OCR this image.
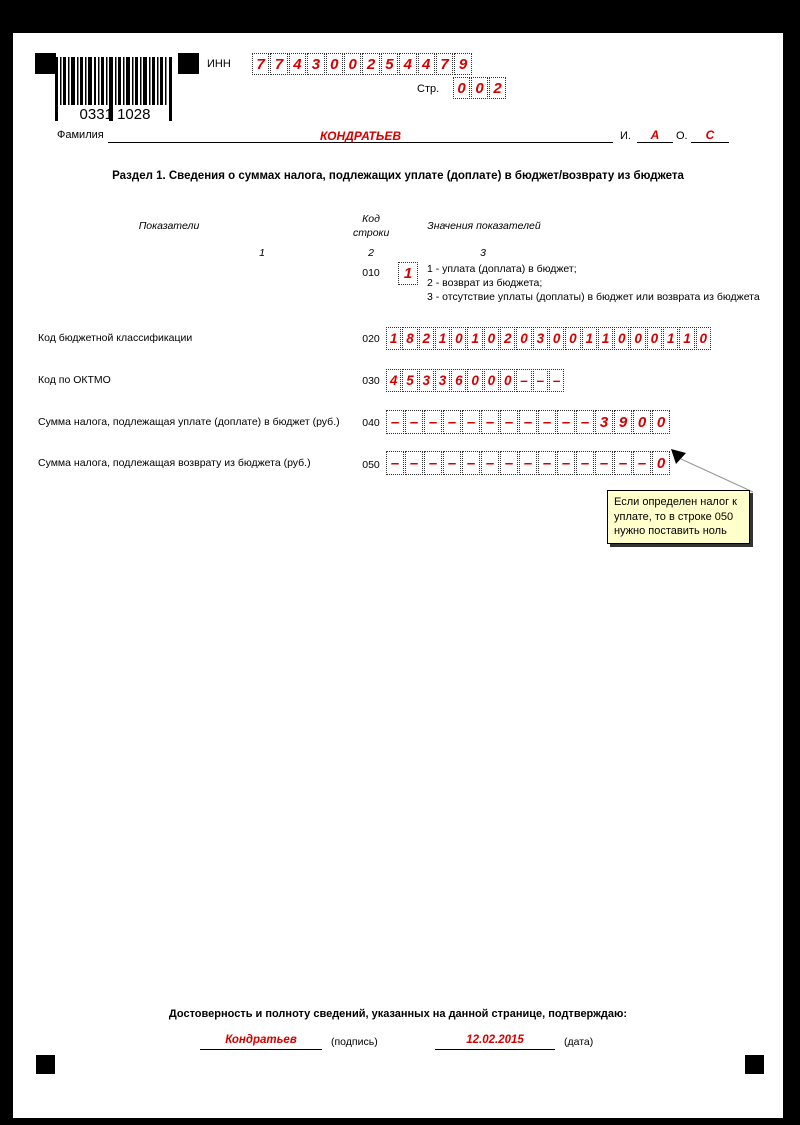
0331 1028
ИНН	7 7 4 3 0 0 2 5 4 4 7 9
Стр. 0 0 2
Фамилия	КОНДРАТЬЕВ	И.	А	О.	С
Раздел 1. Сведения о суммах налога, подлежащих уплате (доплате) в бюджет/возврату из бюджета
Показатели
Код
строки
Значения показателей
1	2	3
010	1	1 - уплата (доплата) в бюджет;
2 - возврат из бюджета;
3 - отсутствие уплаты (доплаты) в бюджет или возврата из бюджета
Код бюджетной классификации	020 1 8 2 1 0 1 0 2 0 3 0 0 1 1 0 0 0 1 1 0
Код по ОКТМО	030 4 5 3 3 6 0 0 0 – – –
Сумма налога, подлежащая уплате (доплате) в бюджет (руб.)	040 – – – – – – – – – – – 3 9 0 0
Сумма налога, подлежащая возврату из бюджета (руб.)	050 – – – – – – – – – – – – – – 0
Если определен налог к уплате, то в строке 050 нужно поставить ноль
Достоверность и полноту сведений, указанных на данной странице, подтверждаю:
Кондратьев	(подпись)	12.02.2015	(дата)
